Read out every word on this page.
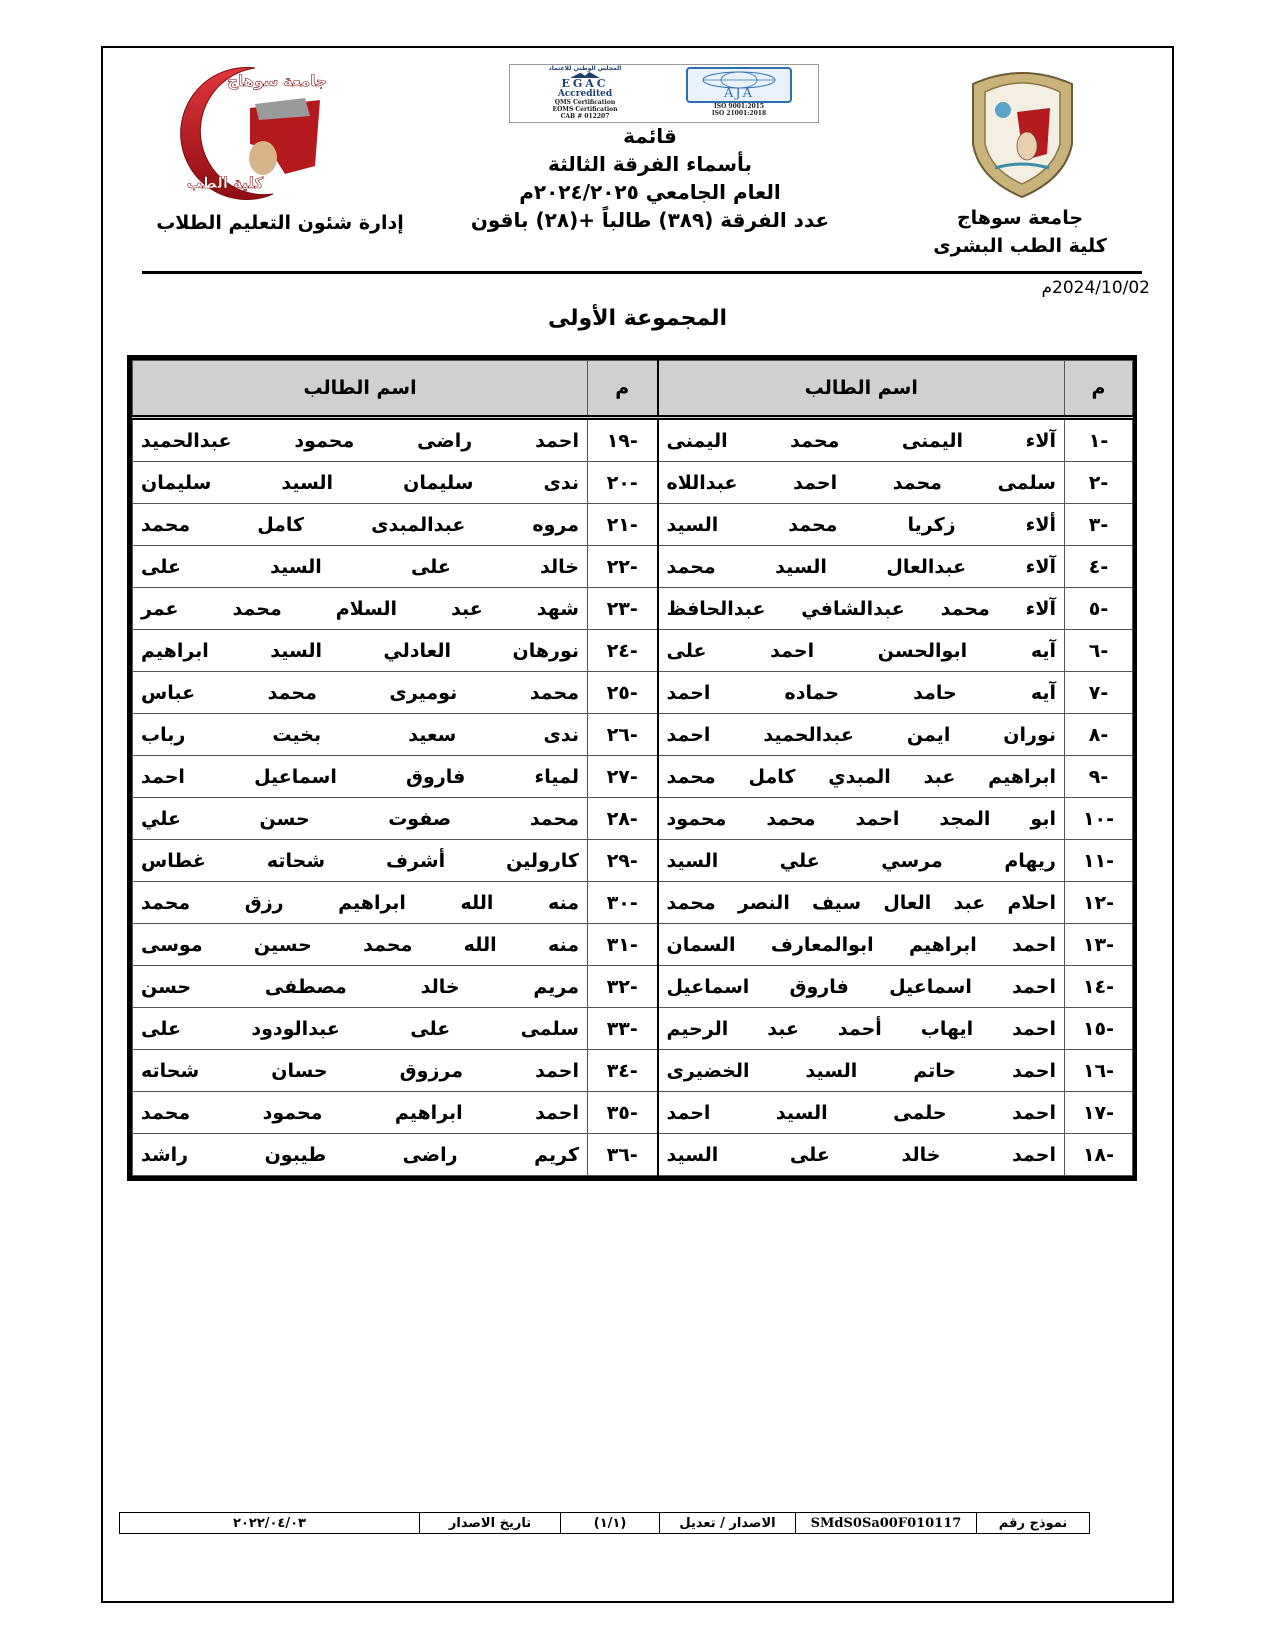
جامعة سوهاج
كلية الطب
المجلس الوطني للاعتماد
EGAC
Accredited
QMS Certification
EOMS Certification
CAB # 012207
AJA
ISO 9001:2015
ISO 21001:2018
قائمة
بأسماء الفرقة الثالثة
العام الجامعي ٢٠٢٤/٢٠٢٥م
عدد الفرقة (٣٨٩) طالباً +(٢٨) باقون
إدارة شئون التعليم الطلاب	جامعة سوهاج
كلية الطب البشرى
2024/10/02م
المجموعة الأولى
م	اسم الطالب	م	اسم الطالب
-١	آلاء اليمنى محمد اليمنى	-١٩	احمد راضى محمود عبدالحميد
-٢	سلمى محمد احمد عبداللاه	-٢٠	ندى سليمان السيد سليمان
-٣	ألاء زكريا محمد السيد	-٢١	مروه عبدالمبدى كامل محمد
-٤	آلاء عبدالعال السيد محمد	-٢٢	خالد على السيد على
-٥	آلاء محمد عبدالشافي عبدالحافظ	-٢٣	شهد عبد السلام محمد عمر
-٦	آيه ابوالحسن احمد على	-٢٤	نورهان العادلي السيد ابراهيم
-٧	آيه حامد حماده احمد	-٢٥	محمد نوميرى محمد عباس
-٨	نوران ايمن عبدالحميد احمد	-٢٦	ندى سعيد بخيت رباب
-٩	ابراهيم عبد المبدي كامل محمد	-٢٧	لمياء فاروق اسماعيل احمد
-١٠	ابو المجد احمد محمد محمود	-٢٨	محمد صفوت حسن علي
-١١	ريهام مرسي علي السيد	-٢٩	كارولين أشرف شحاته غطاس
-١٢	احلام عبد العال سيف النصر محمد	-٣٠	منه الله ابراهيم رزق محمد
-١٣	احمد ابراهيم ابوالمعارف السمان	-٣١	منه الله محمد حسين موسى
-١٤	احمد اسماعيل فاروق اسماعيل	-٣٢	مريم خالد مصطفى حسن
-١٥	احمد ايهاب أحمد عبد الرحيم	-٣٣	سلمى على عبدالودود على
-١٦	احمد حاتم السيد الخضيرى	-٣٤	احمد مرزوق حسان شحاته
-١٧	احمد حلمى السيد احمد	-٣٥	احمد ابراهيم محمود محمد
-١٨	احمد خالد على السيد	-٣٦	كريم راضى طيبون راشد
نموذج رقم
SMdS0Sa00F010117
الاصدار / تعديل
(١/١)
تاريخ الاصدار
٢٠٢٢/٠٤/٠٣
